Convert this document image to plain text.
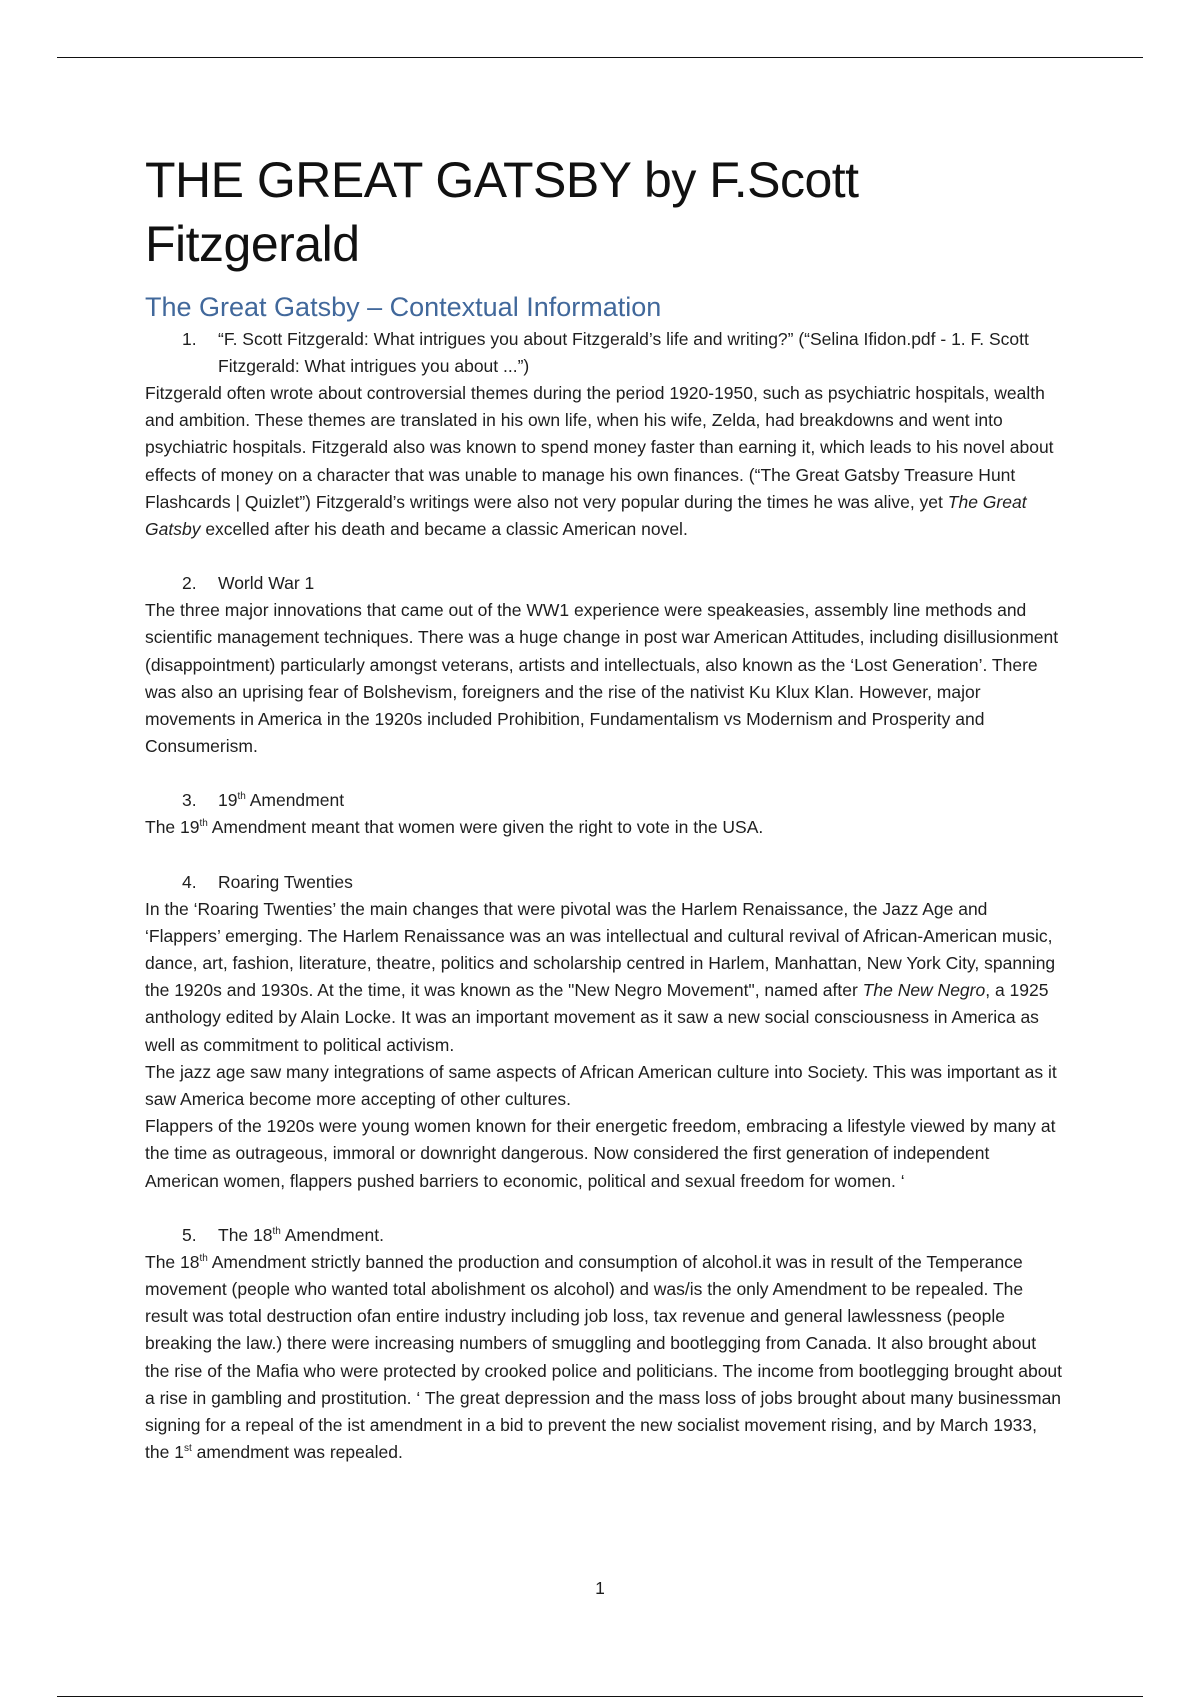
THE GREAT GATSBY by F.Scott Fitzgerald
The Great Gatsby – Contextual Information
1.	“F. Scott Fitzgerald: What intrigues you about Fitzgerald’s life and writing?” (“Selina Ifidon.pdf - 1. F. Scott Fitzgerald: What intrigues you about ...”)

Fitzgerald often wrote about controversial themes during the period 1920-1950, such as psychiatric hospitals, wealth and ambition. These themes are translated in his own life, when his wife, Zelda, had breakdowns and went into psychiatric hospitals. Fitzgerald also was known to spend money faster than earning it, which leads to his novel about effects of money on a character that was unable to manage his own finances. (“The Great Gatsby Treasure Hunt Flashcards | Quizlet”) Fitzgerald’s writings were also not very popular during the times he was alive, yet The Great Gatsby excelled after his death and became a classic American novel.

2.	World War 1

The three major innovations that came out of the WW1 experience were speakeasies, assembly line methods and scientific management techniques. There was a huge change in post war American Attitudes, including disillusionment (disappointment) particularly amongst veterans, artists and intellectuals, also known as the ‘Lost Generation’. There was also an uprising fear of Bolshevism, foreigners and the rise of the nativist Ku Klux Klan. However, major movements in America in the 1920s included Prohibition, Fundamentalism vs Modernism and Prosperity and Consumerism.

3.	19th Amendment

The 19th Amendment meant that women were given the right to vote in the USA.

4.	Roaring Twenties

In the ‘Roaring Twenties’ the main changes that were pivotal was the Harlem Renaissance, the Jazz Age and ‘Flappers’ emerging. The Harlem Renaissance was an was intellectual and cultural revival of African-American music, dance, art, fashion, literature, theatre, politics and scholarship centred in Harlem, Manhattan, New York City, spanning the 1920s and 1930s. At the time, it was known as the "New Negro Movement", named after The New Negro, a 1925 anthology edited by Alain Locke. It was an important movement as it saw a new social consciousness in America as well as commitment to political activism.

The jazz age saw many integrations of same aspects of African American culture into Society. This was important as it saw America become more accepting of other cultures.

Flappers of the 1920s were young women known for their energetic freedom, embracing a lifestyle viewed by many at the time as outrageous, immoral or downright dangerous. Now considered the first generation of independent American women, flappers pushed barriers to economic, political and sexual freedom for women. ‘

5.	The 18th Amendment.

The 18th Amendment strictly banned the production and consumption of alcohol.it was in result of the Temperance movement (people who wanted total abolishment os alcohol) and was/is the only Amendment to be repealed. The result was total destruction ofan entire industry including job loss, tax revenue and general lawlessness (people breaking the law.) there were increasing numbers of smuggling and bootlegging from Canada. It also brought about the rise of the Mafia who were protected by crooked police and politicians. The income from bootlegging brought about a rise in gambling and prostitution. ‘ The great depression and the mass loss of jobs brought about many businessman signing for a repeal of the ist amendment in a bid to prevent the new socialist movement rising, and by March 1933, the 1st amendment was repealed.

1
